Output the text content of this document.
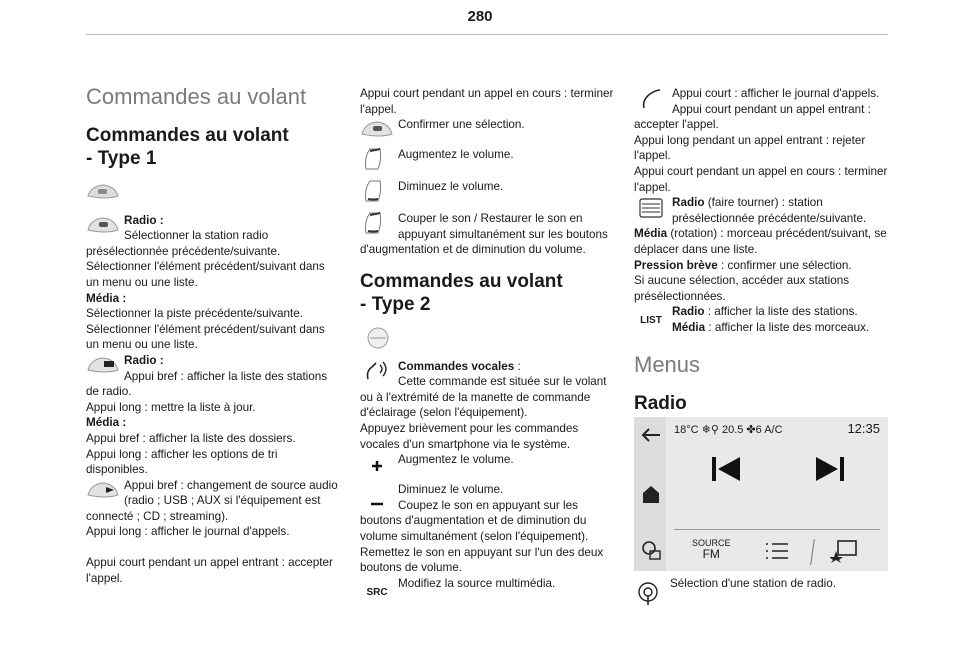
280

Commandes au volant

Commandes au volant

- Type 1

Radio :

Sélectionner la station radio

présélectionnée précédente/suivante.

Sélectionner l'élément précédent/suivant dans

un menu ou une liste.

Média :

Sélectionner la piste précédente/suivante.

Sélectionner l'élément précédent/suivant dans

un menu ou une liste.

Radio :

Appui bref : afficher la liste des stations

de radio.

Appui long : mettre la liste à jour.

Média :

Appui bref : afficher la liste des dossiers.

Appui long : afficher les options de tri

disponibles.

Appui bref : changement de source audio

(radio ; USB ; AUX si l'équipement est

connecté ; CD ; streaming).

Appui long : afficher le journal d'appels.

Appui court pendant un appel entrant : accepter

l'appel.

Appui court pendant un appel en cours : terminer

l'appel.

Confirmer une sélection.

Augmentez le volume.

Diminuez le volume.

Couper le son / Restaurer le son en

appuyant simultanément sur les boutons

d'augmentation et de diminution du volume.

Commandes au volant

- Type 2

Commandes vocales :

Cette commande est située sur le volant

ou à l'extrémité de la manette de commande

d'éclairage (selon l'équipement).

Appuyez brièvement pour les commandes

vocales d'un smartphone via le système.

Augmentez le volume.

Diminuez le volume.

Coupez le son en appuyant sur les

boutons d'augmentation et de diminution du

volume simultanément (selon l'équipement).

Remettez le son en appuyant sur l'un des deux

boutons de volume.

SRC

Modifiez la source multimédia.

Appui court : afficher le journal d'appels.

Appui court pendant un appel entrant :

accepter l'appel.

Appui long pendant un appel entrant : rejeter

l'appel.

Appui court pendant un appel en cours : terminer

l'appel.

Radio (faire tourner) : station

présélectionnée précédente/suivante.

Média (rotation) : morceau précédent/suivant, se

déplacer dans une liste.

Pression brève : confirmer une sélection.

Si aucune sélection, accéder aux stations

présélectionnées.

LIST

Radio : afficher la liste des stations.

Média : afficher la liste des morceaux.

Menus

Radio

18°C ❄⚲ 20.5 ✤6 A/C	12:35
SOURCE
FM
Sélection d'une station de radio.
